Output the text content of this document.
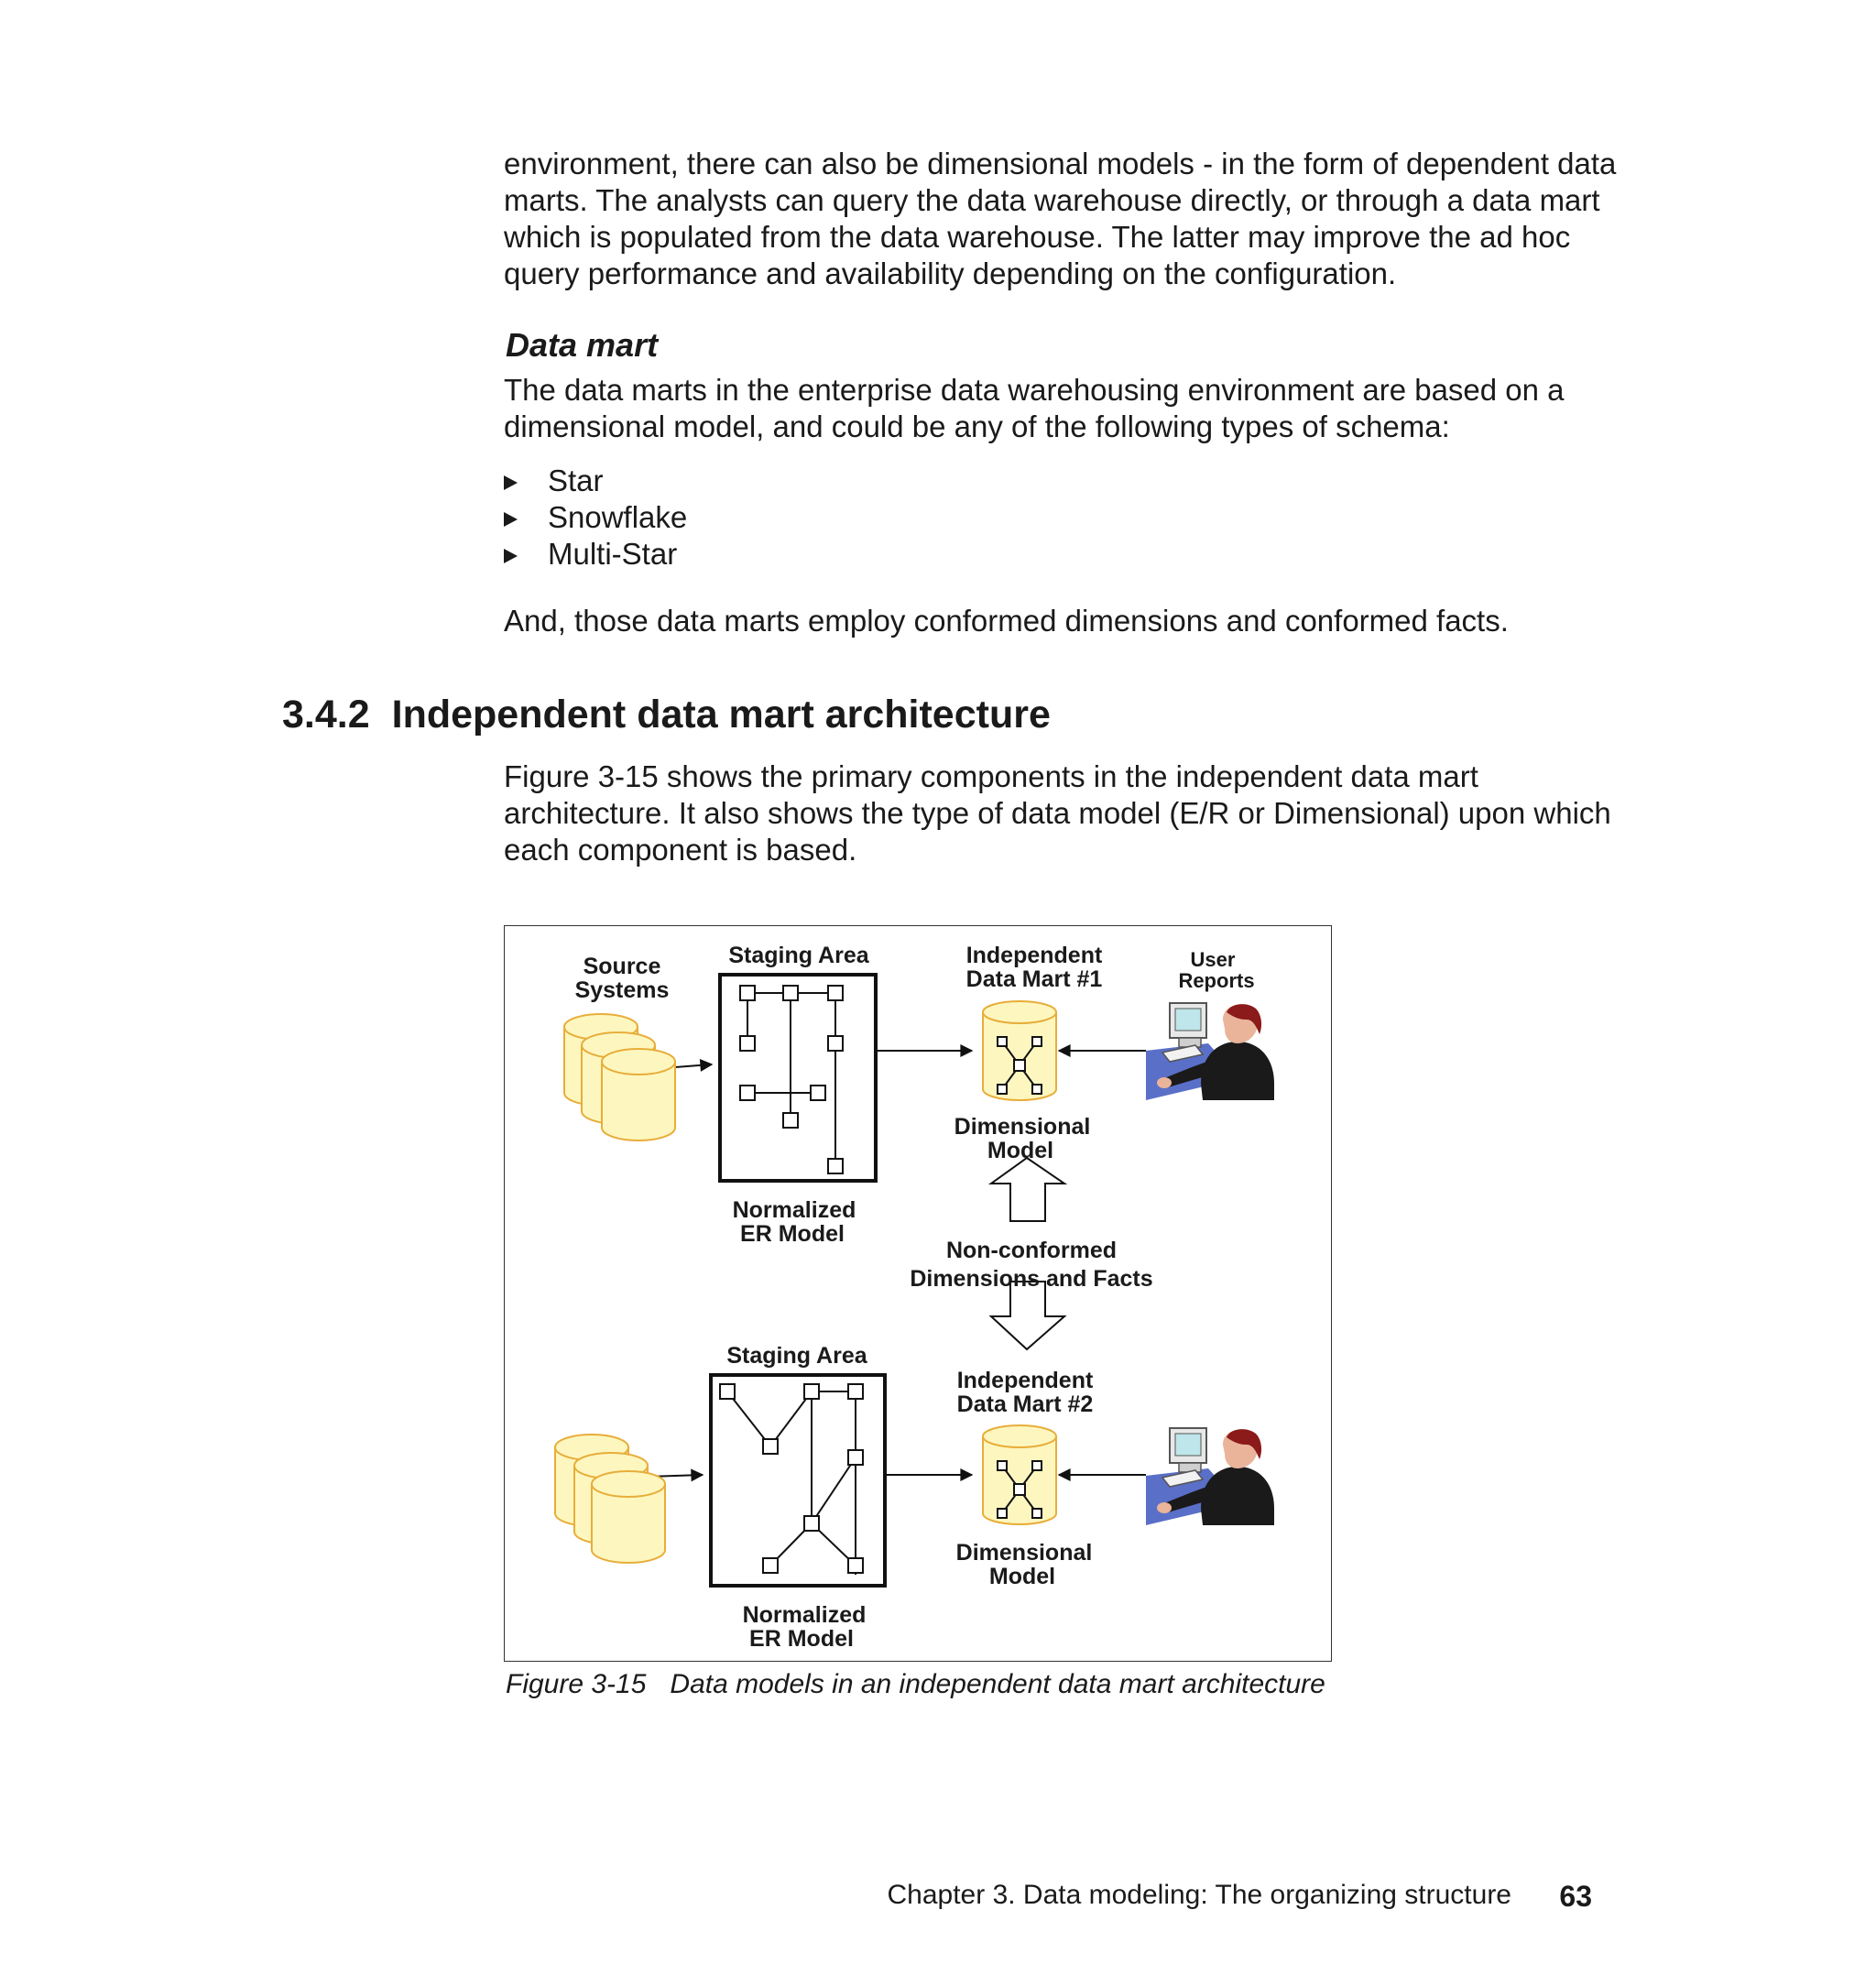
environment, there can also be dimensional models - in the form of dependent data marts. The analysts can query the data warehouse directly, or through a data mart which is populated from the data warehouse. The latter may improve the ad hoc query performance and availability depending on the configuration.

Data mart

The data marts in the enterprise data warehousing environment are based on a dimensional model, and could be any of the following types of schema:

Star
Snowflake
Multi-Star

And, those data marts employ conformed dimensions and conformed facts.

3.4.2 Independent data mart architecture

Figure 3-15 shows the primary components in the independent data mart architecture. It also shows the type of data model (E/R or Dimensional) upon which each component is based.

Source
Systems
Staging Area
Normalized
ER Model
Independent
Data Mart #1
Dimensional
Model
Non-conformed
Dimensions and Facts
Staging Area
Independent
Data Mart #2
Dimensional
Model
Normalized
ER Model
User
Reports

Figure 3-15 Data models in an independent data mart architecture

Chapter 3. Data modeling: The organizing structure 63
